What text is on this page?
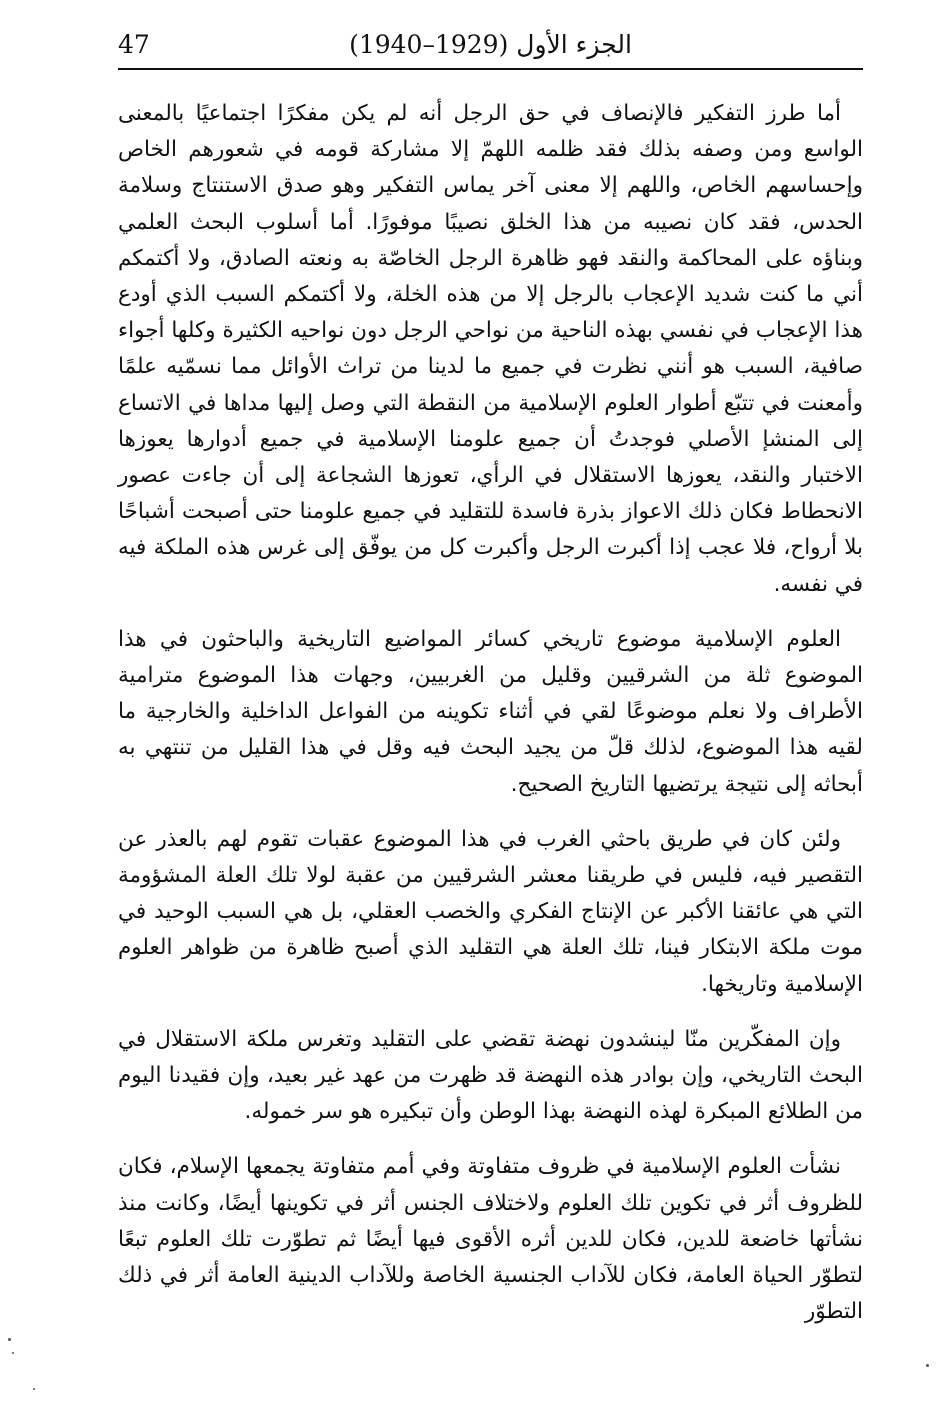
47	الجزء الأول (1929–1940)

أما طرز التفكير فالإنصاف في حق الرجل أنه لم يكن مفكرًا اجتماعيًا بالمعنى الواسع ومن وصفه بذلك فقد ظلمه اللهمّ إلا مشاركة قومه في شعورهم الخاص وإحساسهم الخاص، واللهم إلا معنى آخر يماس التفكير وهو صدق الاستنتاج وسلامة الحدس، فقد كان نصيبه من هذا الخلق نصيبًا موفورًا. أما أسلوب البحث العلمي وبناؤه على المحاكمة والنقد فهو ظاهرة الرجل الخاصّة به ونعته الصادق، ولا أكتمكم أني ما كنت شديد الإعجاب بالرجل إلا من هذه الخلة، ولا أكتمكم السبب الذي أودع هذا الإعجاب في نفسي بهذه الناحية من نواحي الرجل دون نواحيه الكثيرة وكلها أجواء صافية، السبب هو أنني نظرت في جميع ما لدينا من تراث الأوائل مما نسمّيه علمًا وأمعنت في تتبّع أطوار العلوم الإسلامية من النقطة التي وصل إليها مداها في الاتساع إلى المنشإ الأصلي فوجدتُ أن جميع علومنا الإسلامية في جميع أدوارها يعوزها الاختبار والنقد، يعوزها الاستقلال في الرأي، تعوزها الشجاعة إلى أن جاءت عصور الانحطاط فكان ذلك الاعواز بذرة فاسدة للتقليد في جميع علومنا حتى أصبحت أشباحًا بلا أرواح، فلا عجب إذا أكبرت الرجل وأكبرت كل من يوفّق إلى غرس هذه الملكة فيه في نفسه.

العلوم الإسلامية موضوع تاريخي كسائر المواضيع التاريخية والباحثون في هذا الموضوع ثلة من الشرقيين وقليل من الغربيين، وجهات هذا الموضوع مترامية الأطراف ولا نعلم موضوعًا لقي في أثناء تكوينه من الفواعل الداخلية والخارجية ما لقيه هذا الموضوع، لذلك قلّ من يجيد البحث فيه وقل في هذا القليل من تنتهي به أبحاثه إلى نتيجة يرتضيها التاريخ الصحيح.

ولئن كان في طريق باحثي الغرب في هذا الموضوع عقبات تقوم لهم بالعذر عن التقصير فيه، فليس في طريقنا معشر الشرقيين من عقبة لولا تلك العلة المشؤومة التي هي عائقنا الأكبر عن الإنتاج الفكري والخصب العقلي، بل هي السبب الوحيد في موت ملكة الابتكار فينا، تلك العلة هي التقليد الذي أصبح ظاهرة من ظواهر العلوم الإسلامية وتاريخها.

وإن المفكّرين منّا لينشدون نهضة تقضي على التقليد وتغرس ملكة الاستقلال في البحث التاريخي، وإن بوادر هذه النهضة قد ظهرت من عهد غير بعيد، وإن فقيدنا اليوم من الطلائع المبكرة لهذه النهضة بهذا الوطن وأن تبكيره هو سر خموله.

نشأت العلوم الإسلامية في ظروف متفاوتة وفي أمم متفاوتة يجمعها الإسلام، فكان للظروف أثر في تكوين تلك العلوم ولاختلاف الجنس أثر في تكوينها أيضًا، وكانت منذ نشأتها خاضعة للدين، فكان للدين أثره الأقوى فيها أيضًا ثم تطوّرت تلك العلوم تبعًا لتطوّر الحياة العامة، فكان للآداب الجنسية الخاصة وللآداب الدينية العامة أثر في ذلك التطوّر
